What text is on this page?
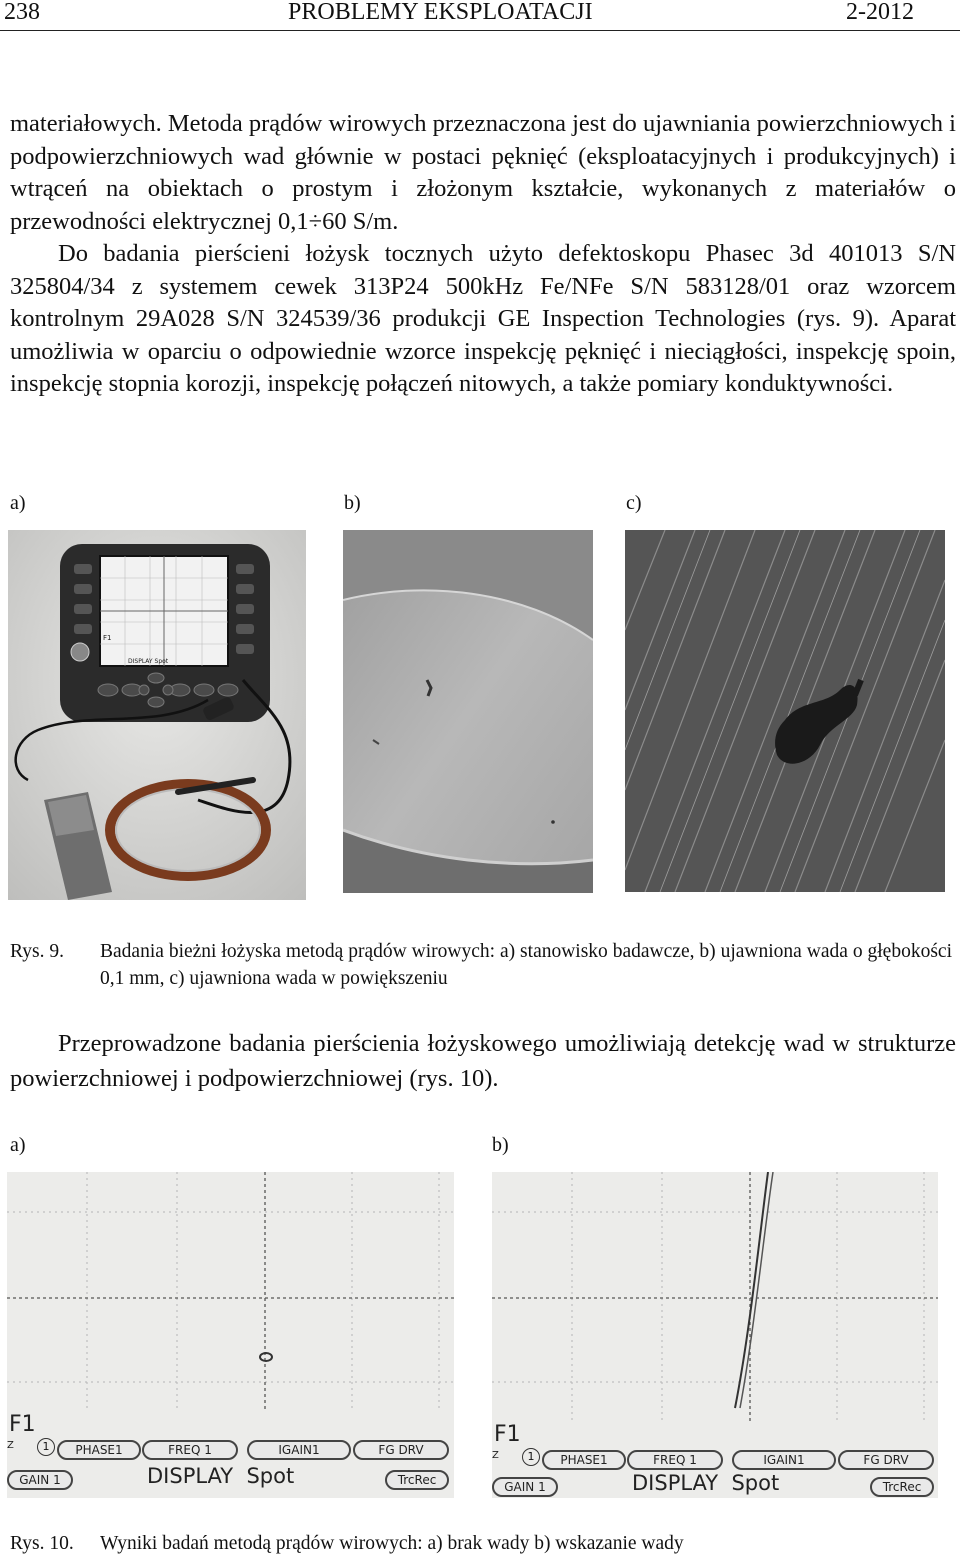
238	PROBLEMY EKSPLOATACJI	2-2012

materiałowych. Metoda prądów wirowych przeznaczona jest do ujawniania powierzchniowych i podpowierzchniowych wad głównie w postaci pęknięć (eksploatacyjnych i produkcyjnych) i wtrąceń na obiektach o prostym i złożonym kształcie, wykonanych z materiałów o przewodności elektrycznej 0,1÷60 S/m.

Do badania pierścieni łożysk tocznych użyto defektoskopu Phasec 3d 401013 S/N 325804/34 z systemem cewek 313P24 500kHz Fe/NFe S/N 583128/01 oraz wzorcem kontrolnym 29A028 S/N 324539/36 produkcji GE Inspection Technologies (rys. 9). Aparat umożliwia w oparciu o odpowiednie wzorce inspekcję pęknięć i nieciągłości, inspekcję spoin, inspekcję stopnia korozji, inspekcję połączeń nitowych, a także pomiary konduktywności.

a)	b)	c)
F1
DISPLAY Spot
Rys. 9. Badania bieżni łożyska metodą prądów wirowych: a) stanowisko badawcze, b) ujawniona wada o głębokości 0,1 mm, c) ujawniona wada w powiększeniu

Przeprowadzone badania pierścienia łożyskowego umożliwiają detekcję wad w strukturze powierzchniowej i podpowierzchniowej (rys. 10).

a)	b)
F1
Z	1	PHASE1	FREQ 1	IGAIN1	FG DRV
GAIN 1	DISPLAY  Spot	TrcRec
F1
Z	1	PHASE1	FREQ 1	IGAIN1	FG DRV
GAIN 1	DISPLAY  Spot	TrcRec
Rys. 10. Wyniki badań metodą prądów wirowych: a) brak wady b) wskazanie wady
